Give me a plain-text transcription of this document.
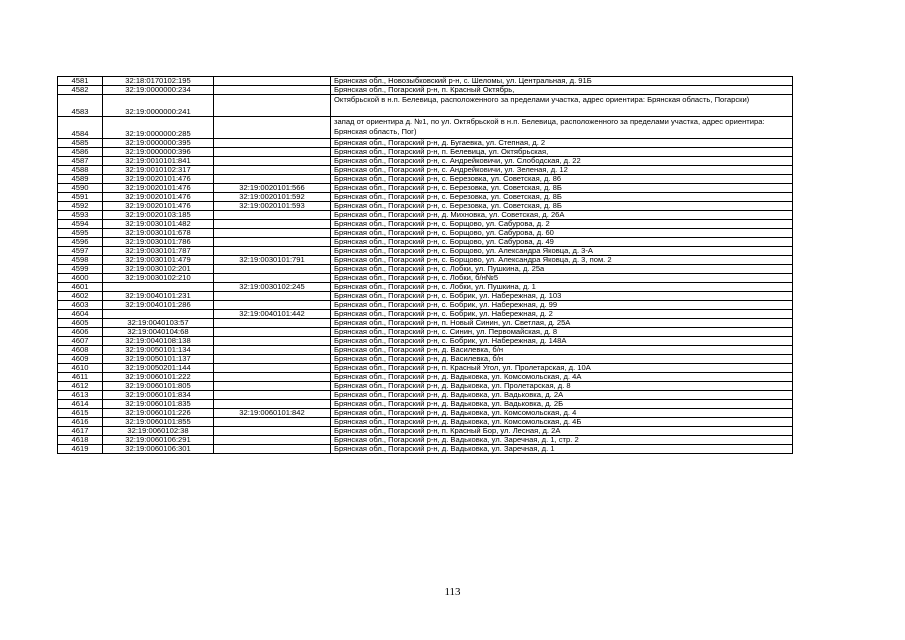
4581	32:18:0170102:195		Брянская обл., Новозыбковский р-н, с. Шеломы, ул. Центральная, д. 91Б
4582	32:19:0000000:234		Брянская обл., Погарский р-н, п. Красный Октябрь,
4583	32:19:0000000:241		Октябрьской в н.п. Белевица, расположенного за пределами участка, адрес ориентира: Брянская область, Погарски)
4584	32:19:0000000:285		запад от ориентира д. №1, по ул. Октябрьской в н.п. Белевица, расположенного за пределами участка, адрес ориентира: Брянская область, Пог)
4585	32:19:0000000:395		Брянская обл., Погарский р-н, д. Бугаевка, ул. Степная, д. 2
4586	32:19:0000000:396		Брянская обл., Погарский р-н, п. Белевица, ул. Октябрьская,
4587	32:19:0010101:841		Брянская обл., Погарский р-н, с. Андрейковичи, ул. Слободская, д. 22
4588	32:19:0010102:317		Брянская обл., Погарский р-н, с. Андрейковичи, ул. Зеленая, д. 12
4589	32:19:0020101:476		Брянская обл., Погарский р-н, с. Березовка, ул. Советская, д. 86
4590	32:19:0020101:476	32:19:0020101:566	Брянская обл., Погарский р-н, с. Березовка, ул. Советская, д. 8Б
4591	32:19:0020101:476	32:19:0020101:592	Брянская обл., Погарский р-н, с. Березовка, ул. Советская, д. 8Б
4592	32:19:0020101:476	32:19:0020101:593	Брянская обл., Погарский р-н, с. Березовка, ул. Советская, д. 8Б
4593	32:19:0020103:185		Брянская обл., Погарский р-н, д. Михновка, ул. Советская, д. 26А
4594	32:19:0030101:482		Брянская обл., Погарский р-н, с. Борщово, ул. Сабурова, д. 2
4595	32:19:0030101:678		Брянская обл., Погарский р-н, с. Борщово, ул. Сабурова, д. 60
4596	32:19:0030101:786		Брянская обл., Погарский р-н, с. Борщово, ул. Сабурова, д. 49
4597	32:19:0030101:787		Брянская обл., Погарский р-н, с. Борщово, ул. Александра Яковца, д. 3-А
4598	32:19:0030101:479	32:19:0030101:791	Брянская обл., Погарский р-н, с. Борщово, ул. Александра Яковца, д. 3, пом. 2
4599	32:19:0030102:201		Брянская обл., Погарский р-н, с. Лобки, ул. Пушкина, д. 25а
4600	32:19:0030102:210		Брянская обл., Погарский р-н, с. Лобки, б/н№5
4601		32:19:0030102:245	Брянская обл., Погарский р-н, с. Лобки, ул. Пушкина, д. 1
4602	32:19:0040101:231		Брянская обл., Погарский р-н, с. Бобрик, ул. Набережная, д. 103
4603	32:19:0040101:286		Брянская обл., Погарский р-н, с. Бобрик, ул. Набережная, д. 99
4604		32:19:0040101:442	Брянская обл., Погарский р-н, с. Бобрик, ул. Набережная, д. 2
4605	32:19:0040103:57		Брянская обл., Погарский р-н, п. Новый Синин, ул. Светлая, д. 25А
4606	32:19:0040104:68		Брянская обл., Погарский р-н, с. Синин, ул. Первомайская, д. 8
4607	32:19:0040108:138		Брянская обл., Погарский р-н, с. Бобрик, ул. Набережная, д. 148А
4608	32:19:0050101:134		Брянская обл., Погарский р-н, д. Василевка, б/н
4609	32:19:0050101:137		Брянская обл., Погарский р-н, д. Василевка, б/н
4610	32:19:0050201:144		Брянская обл., Погарский р-н, п. Красный Угол, ул. Пролетарская, д. 10А
4611	32:19:0060101:222		Брянская обл., Погарский р-н, д. Вадьковка, ул. Комсомольская, д. 4А
4612	32:19:0060101:805		Брянская обл., Погарский р-н, д. Вадьковка, ул. Пролетарская, д. 8
4613	32:19:0060101:834		Брянская обл., Погарский р-н, д. Вадьковка, ул. Вадьковка, д. 2А
4614	32:19:0060101:835		Брянская обл., Погарский р-н, д. Вадьковка, ул. Вадьковка, д. 2Б
4615	32:19:0060101:226	32:19:0060101:842	Брянская обл., Погарский р-н, д. Вадьковка, ул. Комсомольская, д. 4
4616	32:19:0060101:855		Брянская обл., Погарский р-н, д. Вадьковка, ул. Комсомольская, д. 4Б
4617	32:19:0060102:38		Брянская обл., Погарский р-н, п. Красный Бор, ул. Лесная, д. 2А
4618	32:19:0060106:291		Брянская обл., Погарский р-н, д. Вадьковка, ул. Заречная, д. 1, стр. 2
4619	32:19:0060106:301		Брянская обл., Погарский р-н, д. Вадьковка, ул. Заречная, д. 1
113
